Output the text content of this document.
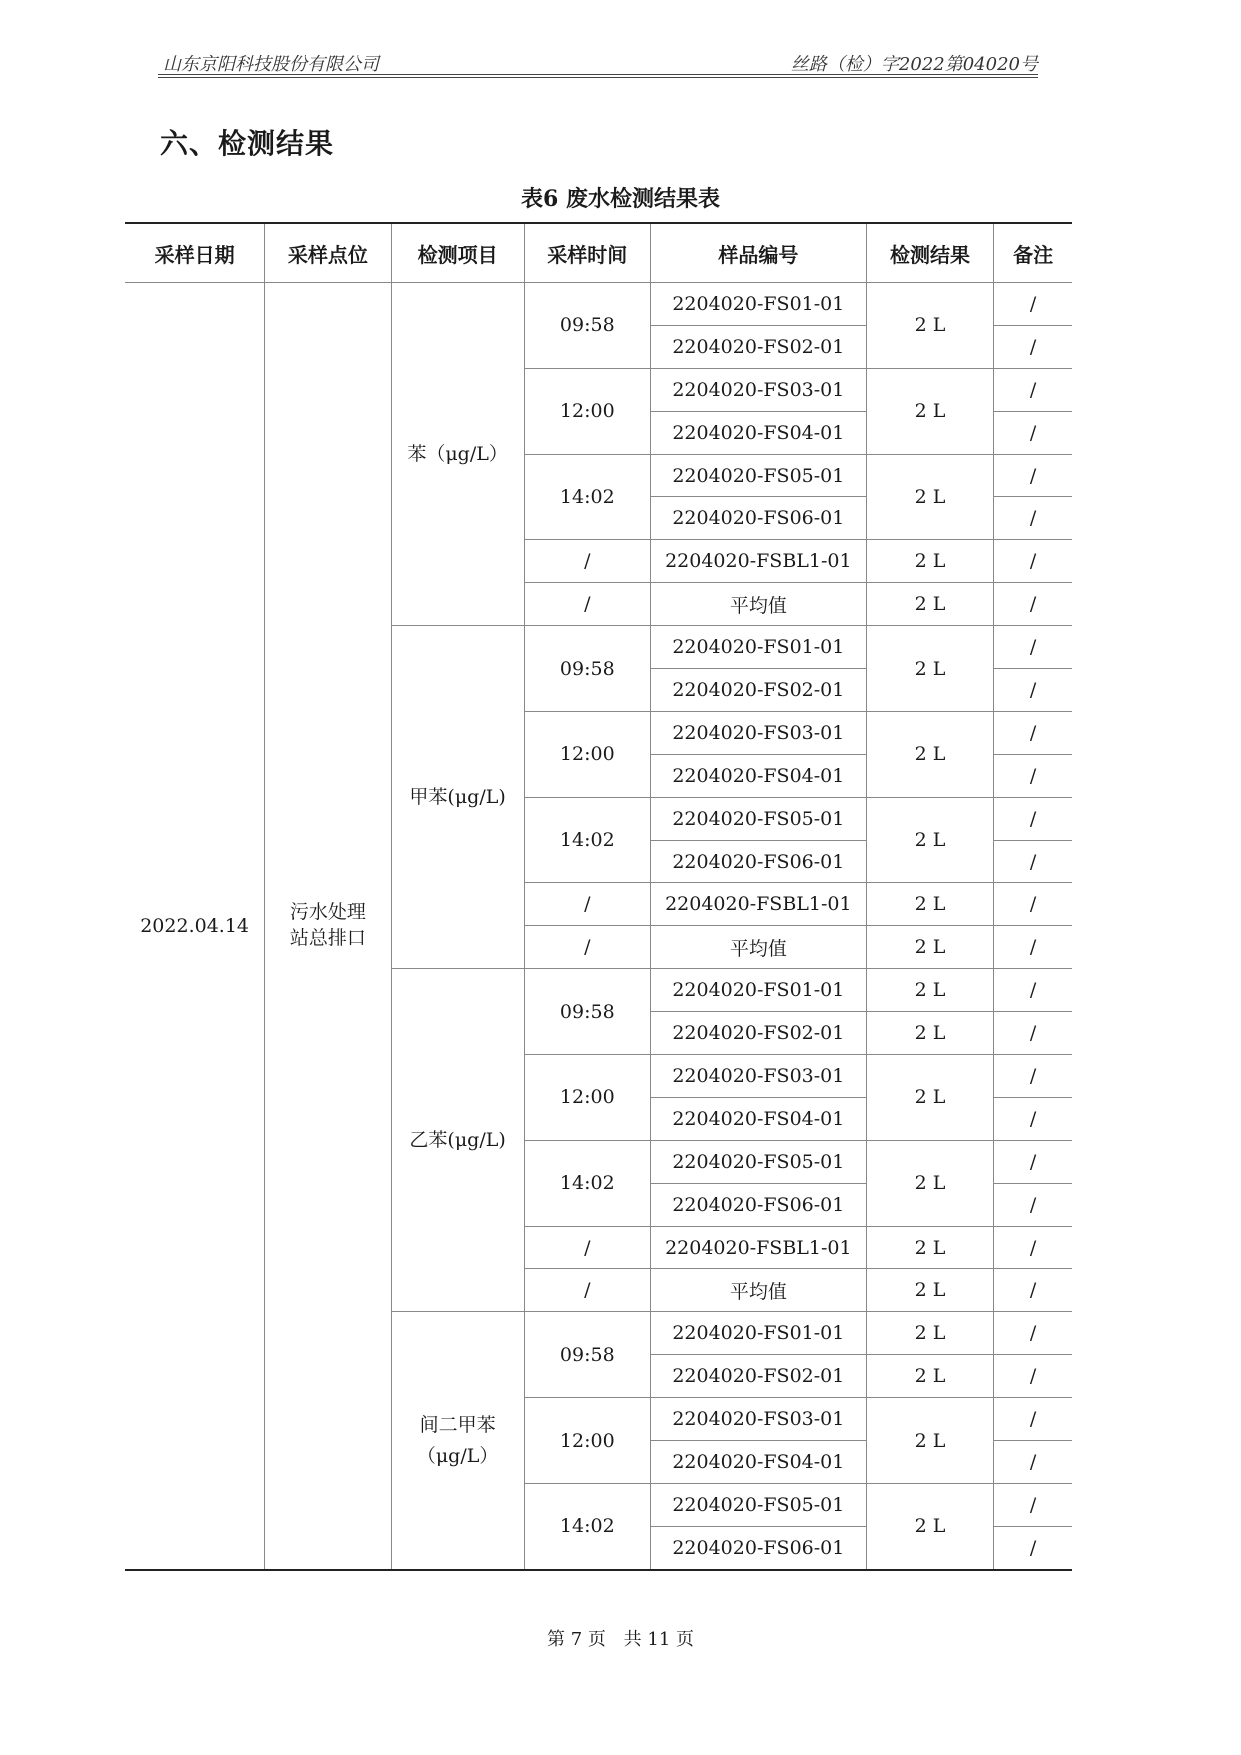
山东京阳科技股份有限公司	丝路（检）字2022第04020号
六、检测结果
表6 废水检测结果表
采样日期	采样点位	检测项目	采样时间	样品编号	检测结果	备注
2022.04.14	污水处理站总排口	苯（μg/L）	09:58	2204020-FS01-01	2 L	/
				2204020-FS02-01		/
			12:00	2204020-FS03-01	2 L	/
				2204020-FS04-01		/
			14:02	2204020-FS05-01	2 L	/
				2204020-FS06-01		/
			/	2204020-FSBL1-01	2 L	/
			/	平均值	2 L	/
		甲苯(μg/L)	09:58	2204020-FS01-01	2 L	/
				2204020-FS02-01		/
			12:00	2204020-FS03-01	2 L	/
				2204020-FS04-01		/
			14:02	2204020-FS05-01	2 L	/
				2204020-FS06-01		/
			/	2204020-FSBL1-01	2 L	/
			/	平均值	2 L	/
		乙苯(μg/L)	09:58	2204020-FS01-01	2 L	/
				2204020-FS02-01	2 L	/
			12:00	2204020-FS03-01	2 L	/
				2204020-FS04-01		/
			14:02	2204020-FS05-01	2 L	/
				2204020-FS06-01		/
			/	2204020-FSBL1-01	2 L	/
			/	平均值	2 L	/
		间二甲苯（μg/L）	09:58	2204020-FS01-01	2 L	/
				2204020-FS02-01	2 L	/
			12:00	2204020-FS03-01	2 L	/
				2204020-FS04-01		/
			14:02	2204020-FS05-01	2 L	/
				2204020-FS06-01		/
第 7 页 共 11 页
